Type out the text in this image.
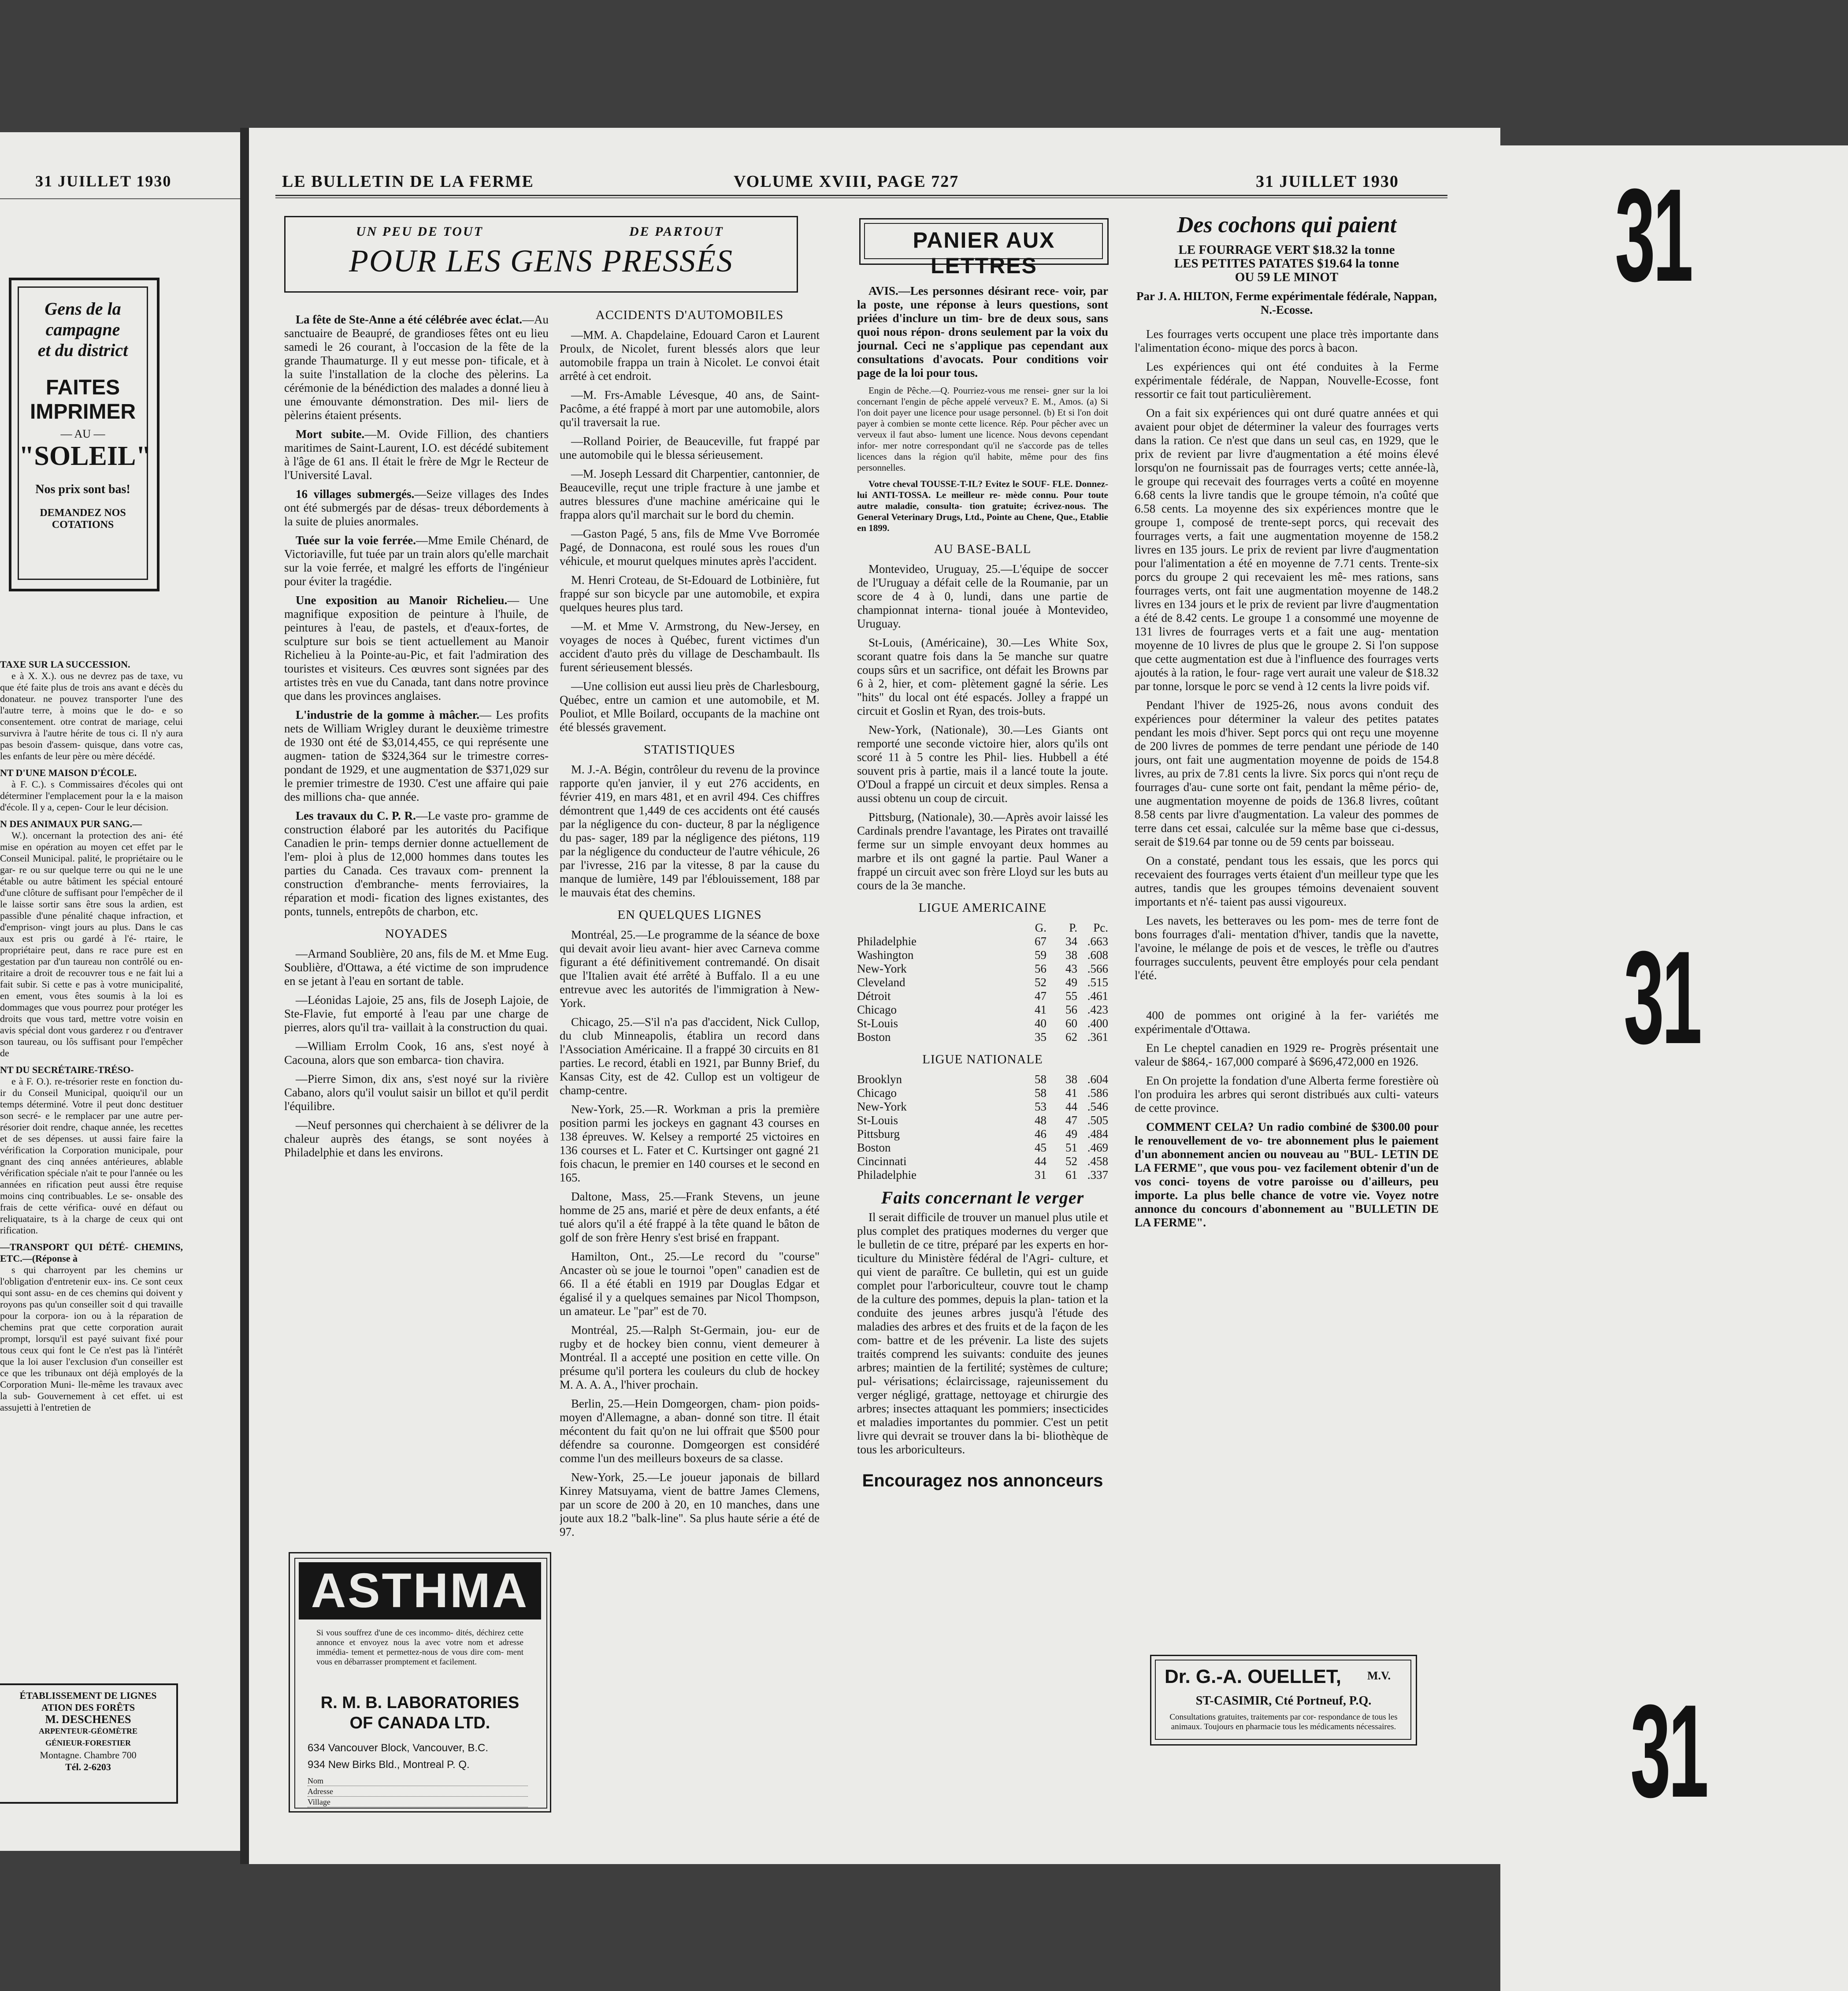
31 JUILLET 1930
Gens de la
campagne
et du district
FAITES
IMPRIMER
— AU —
"SOLEIL"
Nos prix sont bas!
DEMANDEZ NOS COTATIONS
TAXE SUR LA SUCCESSION.

e à X. X.). ous ne devrez pas de taxe, vu que été faite plus de trois ans avant e décès du donateur. ne pouvez transporter l'une des l'autre terre, à moins que le do- e so consentement. otre contrat de mariage, celui survivra à l'autre hérite de tous ci. Il n'y aura pas besoin d'assem- quisque, dans votre cas, les enfants de leur père ou mère décédé.

NT D'UNE MAISON D'ÉCOLE.

à F. C.). s Commissaires d'écoles qui ont déterminer l'emplacement pour la e la maison d'école. Il y a, cepen- Cour le leur décision.

N DES ANIMAUX PUR SANG.—

W.). oncernant la protection des ani- été mise en opération au moyen cet effet par le Conseil Municipal. palité, le propriétaire ou le gar- re ou sur quelque terre ou qui ne le une étable ou autre bâtiment les spécial entouré d'une clôture de suffisant pour l'empêcher de il le laisse sortir sans être sous la ardien, est passible d'une pénalité chaque infraction, et d'emprison- vingt jours au plus. Dans le cas aux est pris ou gardé à l'é- rtaire, le propriétaire peut, dans re race pure est en gestation par d'un taureau non contrôlé ou en- ritaire a droit de recouvrer tous e ne fait lui a fait subir. Si cette e pas à votre municipalité, en ement, vous êtes soumis à la loi es dommages que vous pourrez pour protéger les droits que vous tard, mettre votre voisin en avis spécial dont vous garderez r ou d'entraver son taureau, ou lôs suffisant pour l'empêcher de

NT DU SECRÉTAIRE-TRÉSO-

e à F. O.). re-trésorier reste en fonction du- ir du Conseil Municipal, quoiqu'il our un temps déterminé. Votre il peut donc destituer son secré- e le remplacer par une autre per- résorier doit rendre, chaque année, les recettes et de ses dépenses. ut aussi faire faire la vérification la Corporation municipale, pour gnant des cinq années antérieures, ablable vérification spéciale n'ait te pour l'année ou les années en rification peut aussi être requise moins cinq contribuables. Le se- onsable des frais de cette vérifica- ouvé en défaut ou reliquataire, ts à la charge de ceux qui ont rification.

—TRANSPORT QUI DÉTÉ- CHEMINS, ETC.—(Réponse à

s qui charroyent par les chemins ur l'obligation d'entretenir eux- ins. Ce sont ceux qui sont assu- en de ces chemins qui doivent y royons pas qu'un conseiller soit d qui travaille pour la corpora- ion ou à la réparation de chemins prat que cette corporation aurait prompt, lorsqu'il est payé suivant fixé pour tous ceux qui font le Ce n'est pas là l'intérêt que la loi auser l'exclusion d'un conseiller est ce que les tribunaux ont déjà employés de la Corporation Muni- lle-même les travaux avec la sub- Gouvernement à cet effet. ui est assujetti à l'entretien de

ÉTABLISSEMENT DE LIGNES
ATION DES FORÊTS
M. DESCHENES
ARPENTEUR-GÉOMÈTRE
GÉNIEUR-FORESTIER
Montagne. Chambre 700
Tél. 2-6203
LE BULLETIN DE LA FERME	VOLUME XVIII, PAGE 727	31 JUILLET 1930
UN PEU DE TOUT	DE PARTOUT
POUR LES GENS PRESSÉS

La fête de Ste-Anne a été célébrée avec éclat.—Au sanctuaire de Beaupré, de grandioses fêtes ont eu lieu samedi le 26 courant, à l'occasion de la fête de la grande Thaumaturge. Il y eut messe pon- tificale, et à la suite l'installation de la cloche des pèlerins. La cérémonie de la bénédiction des malades a donné lieu à une émouvante démonstration. Des mil- liers de pèlerins étaient présents.

Mort subite.—M. Ovide Fillion, des chantiers maritimes de Saint-Laurent, I.O. est décédé subitement à l'âge de 61 ans. Il était le frère de Mgr le Recteur de l'Université Laval.

16 villages submergés.—Seize villages des Indes ont été submergés par de désas- treux débordements à la suite de pluies anormales.

Tuée sur la voie ferrée.—Mme Emile Chénard, de Victoriaville, fut tuée par un train alors qu'elle marchait sur la voie ferrée, et malgré les efforts de l'ingénieur pour éviter la tragédie.

Une exposition au Manoir Richelieu.— Une magnifique exposition de peinture à l'huile, de peintures à l'eau, de pastels, et d'eaux-fortes, de sculpture sur bois se tient actuellement au Manoir Richelieu à la Pointe-au-Pic, et fait l'admiration des touristes et visiteurs. Ces œuvres sont signées par des artistes très en vue du Canada, tant dans notre province que dans les provinces anglaises.

L'industrie de la gomme à mâcher.— Les profits nets de William Wrigley durant le deuxième trimestre de 1930 ont été de $3,014,455, ce qui représente une augmen- tation de $324,364 sur le trimestre corres- pondant de 1929, et une augmentation de $371,029 sur le premier trimestre de 1930. C'est une affaire qui paie des millions cha- que année.

Les travaux du C. P. R.—Le vaste pro- gramme de construction élaboré par les autorités du Pacifique Canadien le prin- temps dernier donne actuellement de l'em- ploi à plus de 12,000 hommes dans toutes les parties du Canada. Ces travaux com- prennent la construction d'embranche- ments ferroviaires, la réparation et modi- fication des lignes existantes, des ponts, tunnels, entrepôts de charbon, etc.

NOYADES

—Armand Soublière, 20 ans, fils de M. et Mme Eug. Soublière, d'Ottawa, a été victime de son imprudence en se jetant à l'eau en sortant de table.

—Léonidas Lajoie, 25 ans, fils de Joseph Lajoie, de Ste-Flavie, fut emporté à l'eau par une charge de pierres, alors qu'il tra- vaillait à la construction du quai.

—William Errolm Cook, 16 ans, s'est noyé à Cacouna, alors que son embarca- tion chavira.

—Pierre Simon, dix ans, s'est noyé sur la rivière Cabano, alors qu'il voulut saisir un billot et qu'il perdit l'équilibre.

—Neuf personnes qui cherchaient à se délivrer de la chaleur auprès des étangs, se sont noyées à Philadelphie et dans les environs.

ASTHMA
Si vous souffrez d'une de ces incommo- dités, déchirez cette annonce et envoyez nous la avec votre nom et adresse immédia- tement et permettez-nous de vous dire com- ment vous en débarrasser promptement et facilement.
R. M. B. LABORATORIES
OF CANADA LTD.
634 Vancouver Block, Vancouver, B.C.
934 New Birks Bld., Montreal P. Q.
Nom
Adresse
Village
ACCIDENTS D'AUTOMOBILES

—MM. A. Chapdelaine, Edouard Caron et Laurent Proulx, de Nicolet, furent blessés alors que leur automobile frappa un train à Nicolet. Le convoi était arrêté à cet endroit.

—M. Frs-Amable Lévesque, 40 ans, de Saint-Pacôme, a été frappé à mort par une automobile, alors qu'il traversait la rue.

—Rolland Poirier, de Beauceville, fut frappé par une automobile qui le blessa sérieusement.

—M. Joseph Lessard dit Charpentier, cantonnier, de Beauceville, reçut une triple fracture à une jambe et autres blessures d'une machine américaine qui le frappa alors qu'il marchait sur le bord du chemin.

—Gaston Pagé, 5 ans, fils de Mme Vve Borromée Pagé, de Donnacona, est roulé sous les roues d'un véhicule, et mourut quelques minutes après l'accident.

M. Henri Croteau, de St-Edouard de Lotbinière, fut frappé sur son bicycle par une automobile, et expira quelques heures plus tard.

—M. et Mme V. Armstrong, du New-Jersey, en voyages de noces à Québec, furent victimes d'un accident d'auto près du village de Deschambault. Ils furent sérieusement blessés.

—Une collision eut aussi lieu près de Charlesbourg, Québec, entre un camion et une automobile, et M. Pouliot, et Mlle Boilard, occupants de la machine ont été blessés gravement.

STATISTIQUES

M. J.-A. Bégin, contrôleur du revenu de la province rapporte qu'en janvier, il y eut 276 accidents, en février 419, en mars 481, et en avril 494. Ces chiffres démontrent que 1,449 de ces accidents ont été causés par la négligence du con- ducteur, 8 par la négligence du pas- sager, 189 par la négligence des piétons, 119 par la négligence du conducteur de l'autre véhicule, 26 par l'ivresse, 216 par la vitesse, 8 par la cause du manque de lumière, 149 par l'éblouissement, 188 par le mauvais état des chemins.

EN QUELQUES LIGNES

Montréal, 25.—Le programme de la séance de boxe qui devait avoir lieu avant- hier avec Carneva comme figurant a été définitivement contremandé. On disait que l'Italien avait été arrêté à Buffalo. Il a eu une entrevue avec les autorités de l'immigration à New-York.

Chicago, 25.—S'il n'a pas d'accident, Nick Cullop, du club Minneapolis, établira un record dans l'Association Américaine. Il a frappé 30 circuits en 81 parties. Le record, établi en 1921, par Bunny Brief, du Kansas City, est de 42. Cullop est un voltigeur de champ-centre.

New-York, 25.—R. Workman a pris la première position parmi les jockeys en gagnant 43 courses en 138 épreuves. W. Kelsey a remporté 25 victoires en 136 courses et L. Fater et C. Kurtsinger ont gagné 21 fois chacun, le premier en 140 courses et le second en 165.

Daltone, Mass, 25.—Frank Stevens, un jeune homme de 25 ans, marié et père de deux enfants, a été tué alors qu'il a été frappé à la tête quand le bâton de golf de son frère Henry s'est brisé en frappant.

Hamilton, Ont., 25.—Le record du "course" Ancaster où se joue le tournoi "open" canadien est de 66. Il a été établi en 1919 par Douglas Edgar et égalisé il y a quelques semaines par Nicol Thompson, un amateur. Le "par" est de 70.

Montréal, 25.—Ralph St-Germain, jou- eur de rugby et de hockey bien connu, vient demeurer à Montréal. Il a accepté une position en cette ville. On présume qu'il portera les couleurs du club de hockey M. A. A. A., l'hiver prochain.

Berlin, 25.—Hein Domgeorgen, cham- pion poids-moyen d'Allemagne, a aban- donné son titre. Il était mécontent du fait qu'on ne lui offrait que $500 pour défendre sa couronne. Domgeorgen est considéré comme l'un des meilleurs boxeurs de sa classe.

New-York, 25.—Le joueur japonais de billard Kinrey Matsuyama, vient de battre James Clemens, par un score de 200 à 20, en 10 manches, dans une joute aux 18.2 "balk-line". Sa plus haute série a été de 97.

PANIER AUX LETTRES

AVIS.—Les personnes désirant rece- voir, par la poste, une réponse à leurs questions, sont priées d'inclure un tim- bre de deux sous, sans quoi nous répon- drons seulement par la voix du journal. Ceci ne s'applique pas cependant aux consultations d'avocats. Pour conditions voir page de la loi pour tous.

Engin de Pêche.—Q. Pourriez-vous me rensei- gner sur la loi concernant l'engin de pêche appelé verveux? E. M., Amos. (a) Si l'on doit payer une licence pour usage personnel. (b) Et si l'on doit payer à combien se monte cette licence. Rép. Pour pêcher avec un verveux il faut abso- lument une licence. Nous devons cependant infor- mer notre correspondant qu'il ne s'accorde pas de telles licences dans la région qu'il habite, même pour des fins personnelles.

Votre cheval TOUSSE-T-IL? Evitez le SOUF- FLE. Donnez-lui ANTI-TOSSA. Le meilleur re- mède connu. Pour toute autre maladie, consulta- tion gratuite; écrivez-nous. The General Veterinary Drugs, Ltd., Pointe au Chene, Que., Etablie en 1899.

AU BASE-BALL

Montevideo, Uruguay, 25.—L'équipe de soccer de l'Uruguay a défait celle de la Roumanie, par un score de 4 à 0, lundi, dans une partie de championnat interna- tional jouée à Montevideo, Uruguay.

St-Louis, (Américaine), 30.—Les White Sox, scorant quatre fois dans la 5e manche sur quatre coups sûrs et un sacrifice, ont défait les Browns par 6 à 2, hier, et com- plètement gagné la série. Les "hits" du local ont été espacés. Jolley a frappé un circuit et Goslin et Ryan, des trois-buts.

New-York, (Nationale), 30.—Les Giants ont remporté une seconde victoire hier, alors qu'ils ont scoré 11 à 5 contre les Phil- lies. Hubbell a été souvent pris à partie, mais il a lancé toute la joute. O'Doul a frappé un circuit et deux simples. Rensa a aussi obtenu un coup de circuit.

Pittsburg, (Nationale), 30.—Après avoir laissé les Cardinals prendre l'avantage, les Pirates ont travaillé ferme sur un simple envoyant deux hommes au marbre et ils ont gagné la partie. Paul Waner a frappé un circuit avec son frère Lloyd sur les buts au cours de la 3e manche.

LIGUE AMERICAINE
	G.	P.	Pc.
Philadelphie	67	34	.663
Washington	59	38	.608
New-York	56	43	.566
Cleveland	52	49	.515
Détroit	47	55	.461
Chicago	41	56	.423
St-Louis	40	60	.400
Boston	35	62	.361
LIGUE NATIONALE
Brooklyn	58	38	.604
Chicago	58	41	.586
New-York	53	44	.546
St-Louis	48	47	.505
Pittsburg	46	49	.484
Boston	45	51	.469
Cincinnati	44	52	.458
Philadelphie	31	61	.337
Faits concernant le verger

Il serait difficile de trouver un manuel plus utile et plus complet des pratiques modernes du verger que le bulletin de ce titre, préparé par les experts en hor- ticulture du Ministère fédéral de l'Agri- culture, et qui vient de paraître. Ce bulletin, qui est un guide complet pour l'arboriculteur, couvre tout le champ de la culture des pommes, depuis la plan- tation et la conduite des jeunes arbres jusqu'à l'étude des maladies des arbres et des fruits et de la façon de les com- battre et de les prévenir. La liste des sujets traités comprend les suivants: conduite des jeunes arbres; maintien de la fertilité; systèmes de culture; pul- vérisations; éclaircissage, rajeunissement du verger négligé, grattage, nettoyage et chirurgie des arbres; insectes attaquant les pommiers; insecticides et maladies importantes du pommier. C'est un petit livre qui devrait se trouver dans la bi- bliothèque de tous les arboriculteurs.

Encouragez nos annonceurs
Des cochons qui paient
LE FOURRAGE VERT $18.32 la tonne
LES PETITES PATATES $19.64 la tonne
OU 59 LE MINOT
Par J. A. HILTON, Ferme expérimentale fédérale, Nappan, N.-Ecosse.

Les fourrages verts occupent une place très importante dans l'alimentation écono- mique des porcs à bacon.

Les expériences qui ont été conduites à la Ferme expérimentale fédérale, de Nappan, Nouvelle-Ecosse, font ressortir ce fait tout particulièrement.

On a fait six expériences qui ont duré quatre années et qui avaient pour objet de déterminer la valeur des fourrages verts dans la ration. Ce n'est que dans un seul cas, en 1929, que le prix de revient par livre d'augmentation a été moins élevé lorsqu'on ne fournissait pas de fourrages verts; cette année-là, le groupe qui recevait des fourrages verts a coûté en moyenne 6.68 cents la livre tandis que le groupe témoin, n'a coûté que 6.58 cents. La moyenne des six expériences montre que le groupe 1, composé de trente-sept porcs, qui recevait des fourrages verts, a fait une augmentation moyenne de 158.2 livres en 135 jours. Le prix de revient par livre d'augmentation pour l'alimentation a été en moyenne de 7.71 cents. Trente-six porcs du groupe 2 qui recevaient les mê- mes rations, sans fourrages verts, ont fait une augmentation moyenne de 148.2 livres en 134 jours et le prix de revient par livre d'augmentation a été de 8.42 cents. Le groupe 1 a consommé une moyenne de 131 livres de fourrages verts et a fait une aug- mentation moyenne de 10 livres de plus que le groupe 2. Si l'on suppose que cette augmentation est due à l'influence des fourrages verts ajoutés à la ration, le four- rage vert aurait une valeur de $18.32 par tonne, lorsque le porc se vend à 12 cents la livre poids vif.

Pendant l'hiver de 1925-26, nous avons conduit des expériences pour déterminer la valeur des petites patates pendant les mois d'hiver. Sept porcs qui ont reçu une moyenne de 200 livres de pommes de terre pendant une période de 140 jours, ont fait une augmentation moyenne de poids de 154.8 livres, au prix de 7.81 cents la livre. Six porcs qui n'ont reçu de fourrages d'au- cune sorte ont fait, pendant la même pério- de, une augmentation moyenne de poids de 136.8 livres, coûtant 8.58 cents par livre d'augmentation. La valeur des pommes de terre dans cet essai, calculée sur la même base que ci-dessus, serait de $19.64 par tonne ou de 59 cents par boisseau.

On a constaté, pendant tous les essais, que les porcs qui recevaient des fourrages verts étaient d'un meilleur type que les autres, tandis que les groupes témoins devenaient souvent importants et n'é- taient pas aussi vigoureux.

Les navets, les betteraves ou les pom- mes de terre font de bons fourrages d'ali- mentation d'hiver, tandis que la navette, l'avoine, le mélange de pois et de vesces, le trèfle ou d'autres fourrages succulents, peuvent être employés pour cela pendant l'été.

400 de pommes ont originé à la fer- variétés me expérimentale d'Ottawa.

En Le cheptel canadien en 1929 re- Progrès présentait une valeur de $864,- 167,000 comparé à $696,472,000 en 1926.

En On projette la fondation d'une Alberta ferme forestière où l'on produira les arbres qui seront distribués aux culti- vateurs de cette province.

COMMENT CELA? Un radio combiné de $300.00 pour le renouvellement de vo- tre abonnement plus le paiement d'un abonnement ancien ou nouveau au "BUL- LETIN DE LA FERME", que vous pou- vez facilement obtenir d'un de vos conci- toyens de votre paroisse ou d'ailleurs, peu importe. La plus belle chance de votre vie. Voyez notre annonce du concours d'abonnement au "BULLETIN DE LA FERME".

Dr. G.-A. OUELLET, M.V.
ST-CASIMIR, Cté Portneuf, P.Q.
Consultations gratuites, traitements par cor- respondance de tous les animaux. Toujours en pharmacie tous les médicaments nécessaires.
31
31
31
